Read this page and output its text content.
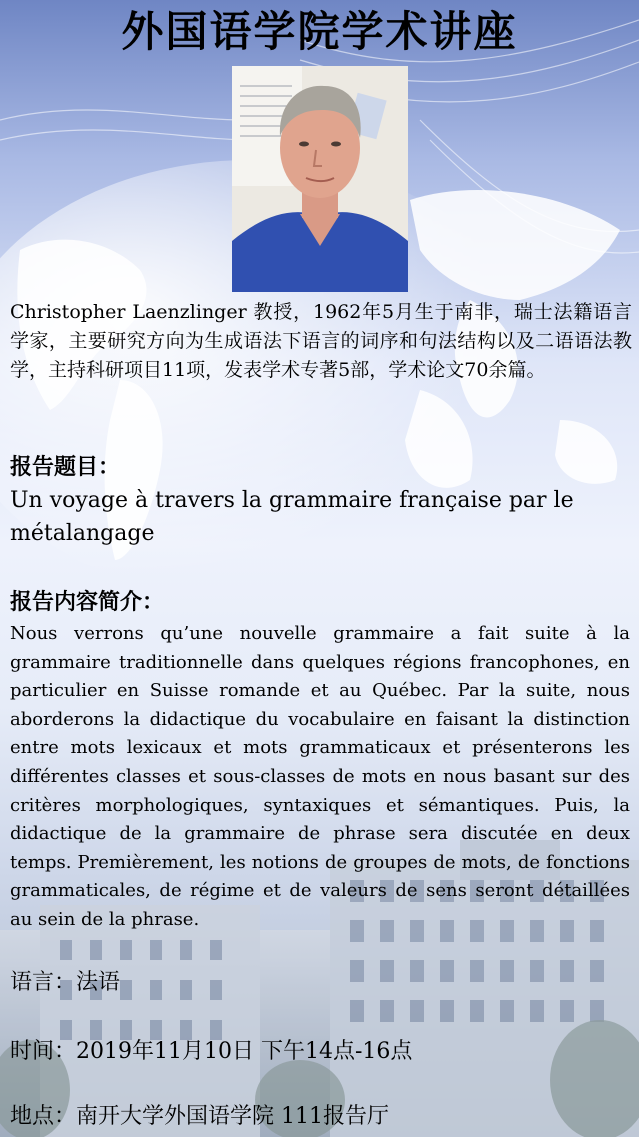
外国语学院学术讲座
Christopher Laenzlinger 教授，1962年5月生于南非，瑞士法籍语言学家，主要研究方向为生成语法下语言的词序和句法结构以及二语语法教学，主持科研项目11项，发表学术专著5部，学术论文70余篇。
报告题目：
Un voyage à travers la grammaire française par le métalangage
报告内容简介：
Nous verrons qu’une nouvelle grammaire a fait suite à la grammaire traditionnelle dans quelques régions francophones, en particulier en Suisse romande et au Québec. Par la suite, nous aborderons la didactique du vocabulaire en faisant la distinction entre mots lexicaux et mots grammaticaux et présenterons les différentes classes et sous-classes de mots en nous basant sur des critères morphologiques, syntaxiques et sémantiques. Puis, la didactique de la grammaire de phrase sera discutée en deux temps. Premièrement, les notions de groupes de mots, de fonctions grammaticales, de régime et de valeurs de sens seront détaillées au sein de la phrase.
语言：法语
时间：2019年11月10日 下午14点-16点
地点：南开大学外国语学院 111报告厅
